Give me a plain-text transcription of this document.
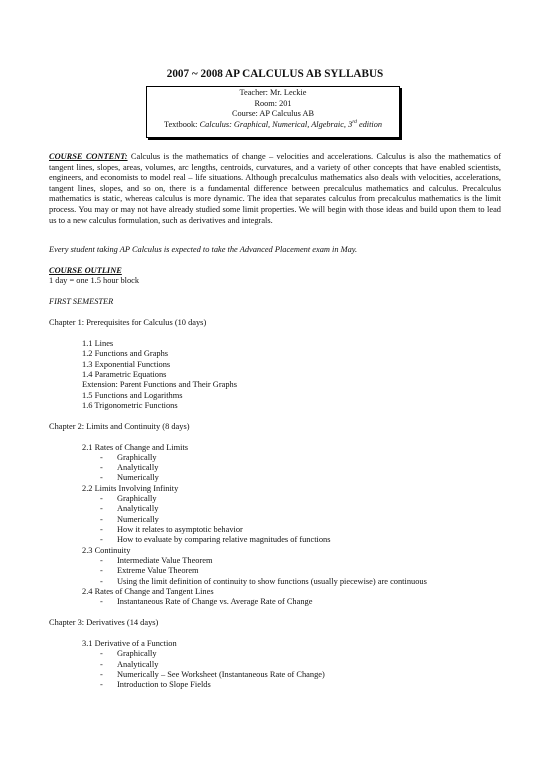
2007 ~ 2008 AP CALCULUS AB SYLLABUS
Teacher: Mr. Leckie
Room: 201
Course: AP Calculus AB
Textbook: Calculus: Graphical, Numerical, Algebraic, 3rd edition

COURSE CONTENT: Calculus is the mathematics of change – velocities and accelerations. Calculus is also the mathematics of tangent lines, slopes, areas, volumes, arc lengths, centroids, curvatures, and a variety of other concepts that have enabled scientists, engineers, and economists to model real – life situations. Although precalculus mathematics also deals with velocities, accelerations, tangent lines, slopes, and so on, there is a fundamental difference between precalculus mathematics and calculus. Precalculus mathematics is static, whereas calculus is more dynamic. The idea that separates calculus from precalculus mathematics is the limit process. You may or may not have already studied some limit properties. We will begin with those ideas and build upon them to lead us to a new calculus formulation, such as derivatives and integrals.

Every student taking AP Calculus is expected to take the Advanced Placement exam in May.
COURSE OUTLINE
1 day = one 1.5 hour block
FIRST SEMESTER
Chapter 1: Prerequisites for Calculus (10 days)
1.1 Lines
1.2 Functions and Graphs
1.3 Exponential Functions
1.4 Parametric Equations
Extension: Parent Functions and Their Graphs
1.5 Functions and Logarithms
1.6 Trigonometric Functions
Chapter 2: Limits and Continuity (8 days)
2.1 Rates of Change and Limits
- Graphically
- Analytically
- Numerically
2.2 Limits Involving Infinity
- Graphically
- Analytically
- Numerically
- How it relates to asymptotic behavior
- How to evaluate by comparing relative magnitudes of functions
2.3 Continuity
- Intermediate Value Theorem
- Extreme Value Theorem
- Using the limit definition of continuity to show functions (usually piecewise) are continuous
2.4 Rates of Change and Tangent Lines
- Instantaneous Rate of Change vs. Average Rate of Change
Chapter 3: Derivatives (14 days)
3.1 Derivative of a Function
- Graphically
- Analytically
- Numerically – See Worksheet (Instantaneous Rate of Change)
- Introduction to Slope Fields
